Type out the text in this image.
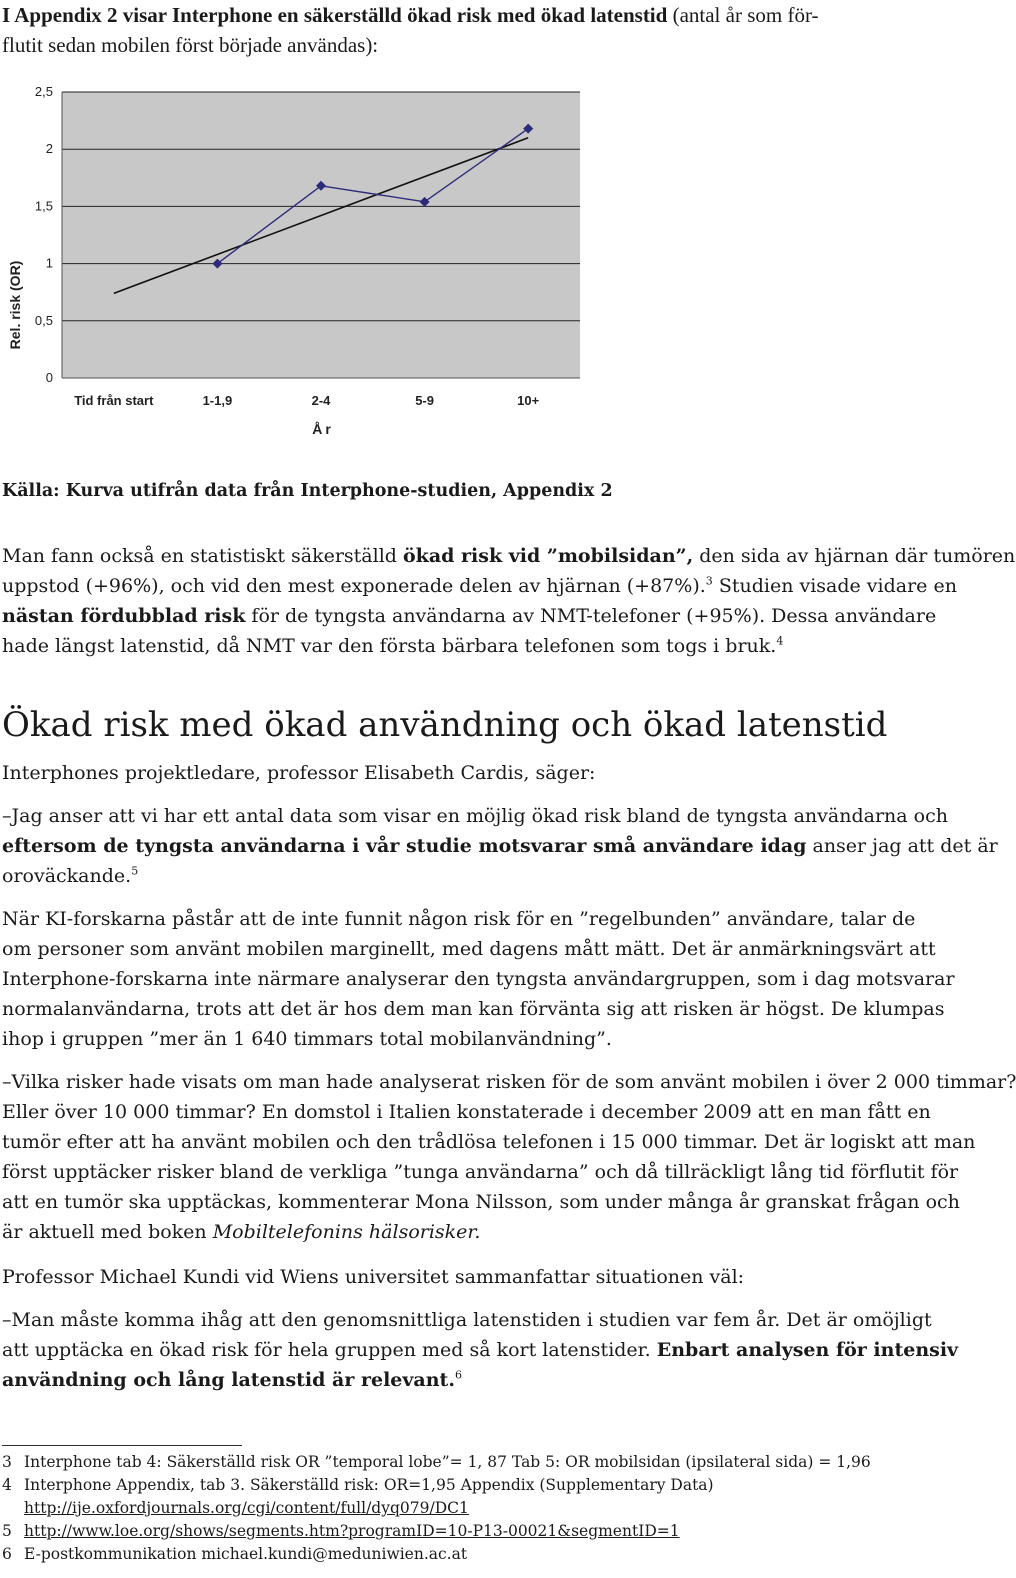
I Appendix 2 visar Interphone en säkerställd ökad risk med ökad latenstid (antal år som för-
flutit sedan mobilen först började användas):
0
0,5
1
1,5
2
2,5
Tid från start	1-1,9	2-4	5-9	10+
Rel. risk (OR)
År
Källa: Kurva utifrån data från Interphone-studien, Appendix 2
Man fann också en statistiskt säkerställd ökad risk vid ”mobilsidan”, den sida av hjärnan där tumören
uppstod (+96%), och vid den mest exponerade delen av hjärnan (+87%).$^3$ Studien visade vidare en
nästan fördubblad risk för de tyngsta användarna av NMT-telefoner (+95%). Dessa användare
hade längst latenstid, då NMT var den första bärbara telefonen som togs i bruk.$^4$
Ökad risk med ökad användning och ökad latenstid
Interphones projektledare, professor Elisabeth Cardis, säger:
–Jag anser att vi har ett antal data som visar en möjlig ökad risk bland de tyngsta användarna och
eftersom de tyngsta användarna i vår studie motsvarar små användare idag anser jag att det är
oroväckande.$^5$
När KI-forskarna påstår att de inte funnit någon risk för en ”regelbunden” användare, talar de
om personer som använt mobilen marginellt, med dagens mått mätt. Det är anmärkningsvärt att
Interphone-forskarna inte närmare analyserar den tyngsta användargruppen, som i dag motsvarar
normalanvändarna, trots att det är hos dem man kan förvänta sig att risken är högst. De klumpas
ihop i gruppen ”mer än 1 640 timmars total mobilanvändning”.
–Vilka risker hade visats om man hade analyserat risken för de som använt mobilen i över 2 000 timmar?
Eller över 10 000 timmar? En domstol i Italien konstaterade i december 2009 att en man fått en
tumör efter att ha använt mobilen och den trådlösa telefonen i 15 000 timmar. Det är logiskt att man
först upptäcker risker bland de verkliga ”tunga användarna” och då tillräckligt lång tid förflutit för
att en tumör ska upptäckas, kommenterar Mona Nilsson, som under många år granskat frågan och
är aktuell med boken Mobiltelefonins hälsorisker.
Professor Michael Kundi vid Wiens universitet sammanfattar situationen väl:
–Man måste komma ihåg att den genomsnittliga latenstiden i studien var fem år. Det är omöjligt
att upptäcka en ökad risk för hela gruppen med så kort latenstider. Enbart analysen för intensiv
användning och lång latenstid är relevant.$^6$
3 Interphone tab 4: Säkerställd risk OR ”temporal lobe”= 1, 87 Tab 5: OR mobilsidan (ipsilateral sida) = 1,96
4 Interphone Appendix, tab 3. Säkerställd risk: OR=1,95 Appendix (Supplementary Data)
http://ije.oxfordjournals.org/cgi/content/full/dyq079/DC1
5 http://www.loe.org/shows/segments.htm?programID=10-P13-00021&segmentID=1
6 E-postkommunikation michael.kundi@meduniwien.ac.at
